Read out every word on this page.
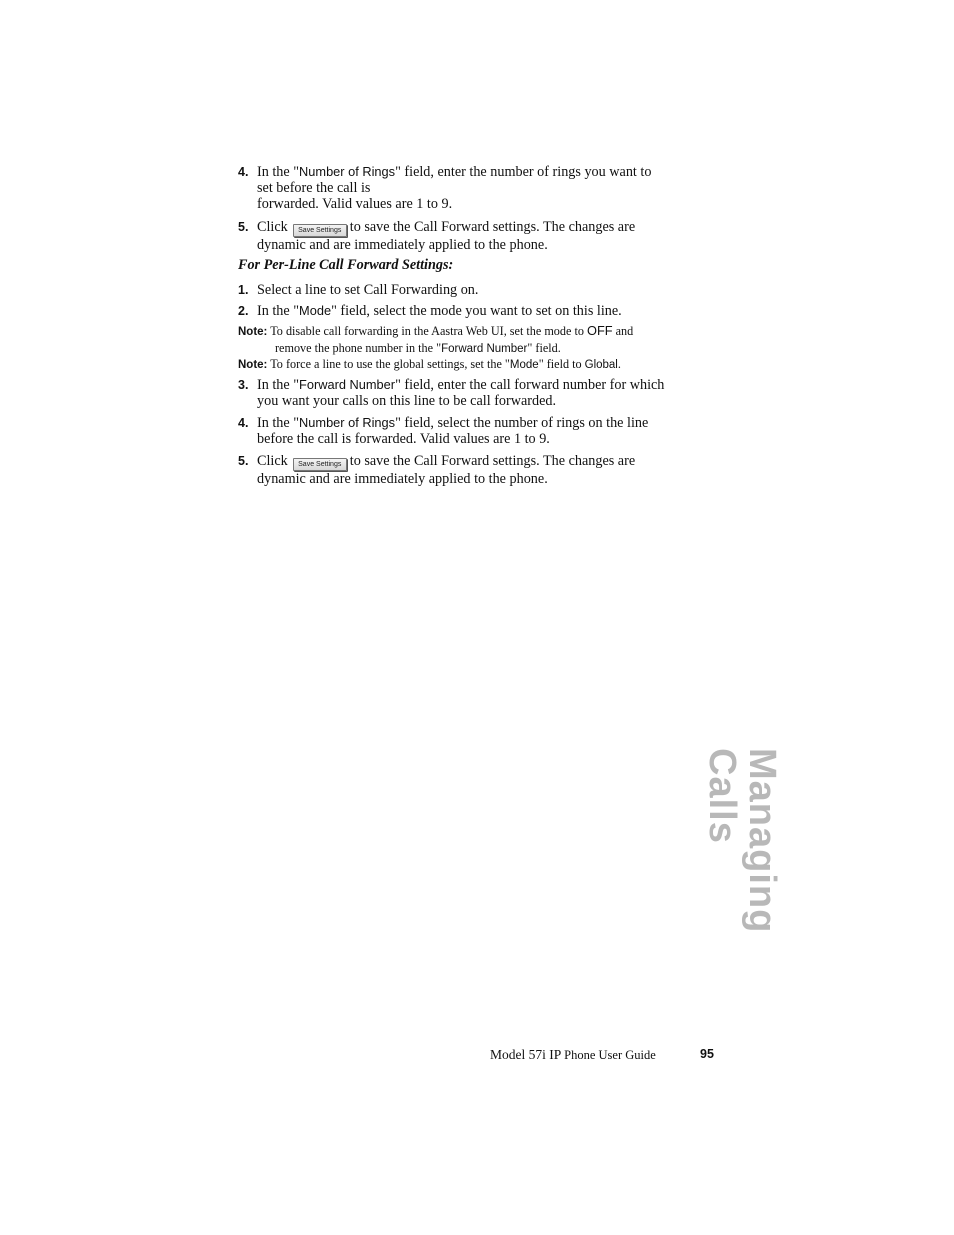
4. In the "Number of Rings" field, enter the number of rings you want to
set before the call is
forwarded. Valid values are 1 to 9.
5. Click Save Settings to save the Call Forward settings. The changes are
dynamic and are immediately applied to the phone.
For Per-Line Call Forward Settings:
1. Select a line to set Call Forwarding on.
2. In the "Mode" field, select the mode you want to set on this line.
Note: To disable call forwarding in the Aastra Web UI, set the mode to OFF and
remove the phone number in the "Forward Number" field.
Note: To force a line to use the global settings, set the "Mode" field to Global.
3. In the "Forward Number" field, enter the call forward number for which
you want your calls on this line to be call forwarded.
4. In the "Number of Rings" field, select the number of rings on the line
before the call is forwarded. Valid values are 1 to 9.
5. Click Save Settings to save the Call Forward settings. The changes are
dynamic and are immediately applied to the phone.
Managing Calls
Model 57i IP Phone User Guide	95
